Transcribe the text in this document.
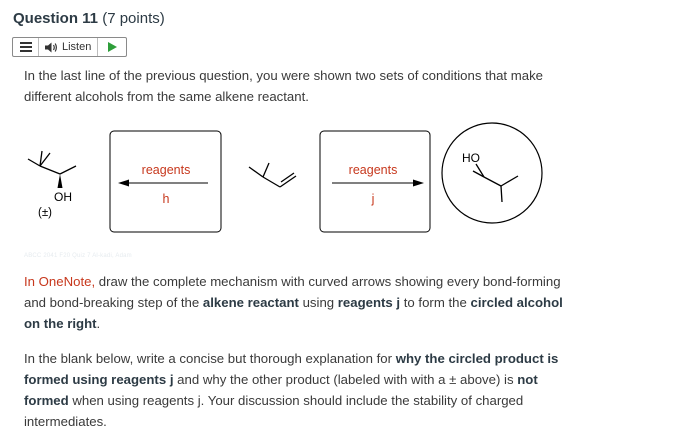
Question 11 (7 points)
Listen
In the last line of the previous question, you were shown two sets of conditions that make different alcohols from the same alkene reactant.
OH
(±)
reagents
h
reagents
j
HO
ABCC 2041 F20 Quiz 7 Al-kadi, Adam
In OneNote, draw the complete mechanism with curved arrows showing every bond-forming and bond-breaking step of the alkene reactant using reagents j to form the circled alcohol on the right.
In the blank below, write a concise but thorough explanation for why the circled product is formed using reagents j and why the other product (labeled with with a ± above) is not formed when using reagents j. Your discussion should include the stability of charged intermediates.
